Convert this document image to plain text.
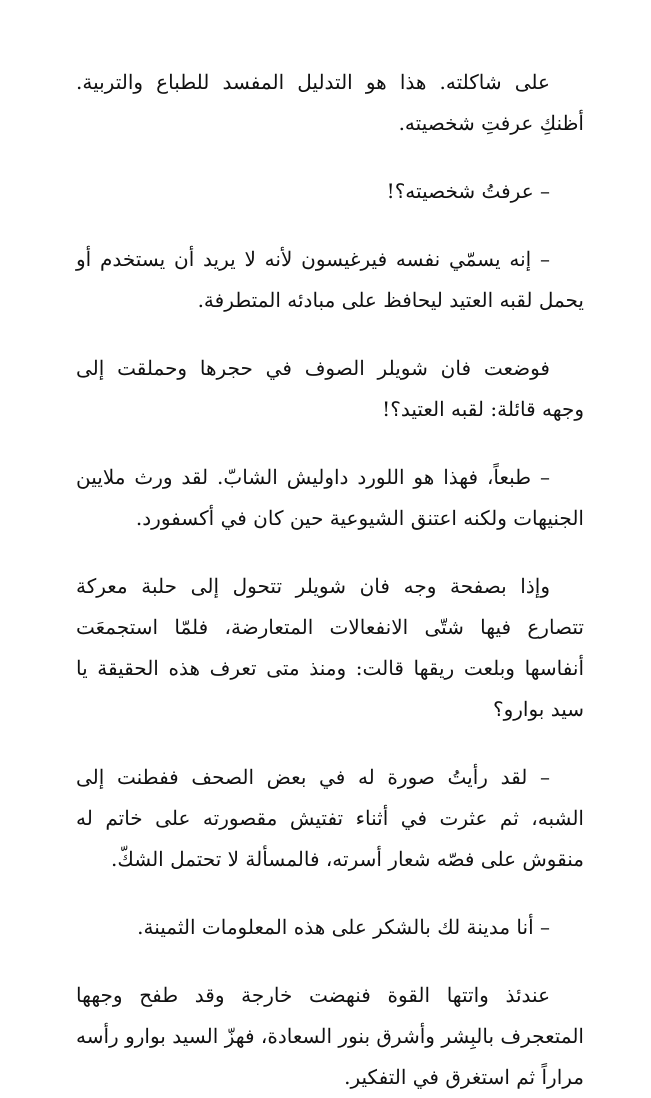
على شاكلته. هذا هو التدليل المفسد للطباع والتربية. أظنكِ عرفتِ شخصيته.

– عرفتُ شخصيته؟!

– إنه يسمّي نفسه فيرغيسون لأنه لا يريد أن يستخدم أو يحمل لقبه العتيد ليحافظ على مبادئه المتطرفة.

فوضعت فان شويلر الصوف في حجرها وحملقت إلى وجهه قائلة: لقبه العتيد؟!

– طبعاً، فهذا هو اللورد داوليش الشابّ. لقد ورث ملايين الجنيهات ولكنه اعتنق الشيوعية حين كان في أكسفورد.

وإذا بصفحة وجه فان شويلر تتحول إلى حلبة معركة تتصارع فيها شتّى الانفعالات المتعارضة، فلمّا استجمعَت أنفاسها وبلعت ريقها قالت: ومنذ متى تعرف هذه الحقيقة يا سيد بوارو؟

– لقد رأيتُ صورة له في بعض الصحف ففطنت إلى الشبه، ثم عثرت في أثناء تفتيش مقصورته على خاتم له منقوش على فصّه شعار أسرته، فالمسألة لا تحتمل الشكّ.

– أنا مدينة لك بالشكر على هذه المعلومات الثمينة.

عندئذ واتتها القوة فنهضت خارجة وقد طفح وجهها المتعجرف بالبِشر وأشرق بنور السعادة، فهزّ السيد بوارو رأسه مراراً ثم استغرق في التفكير.
